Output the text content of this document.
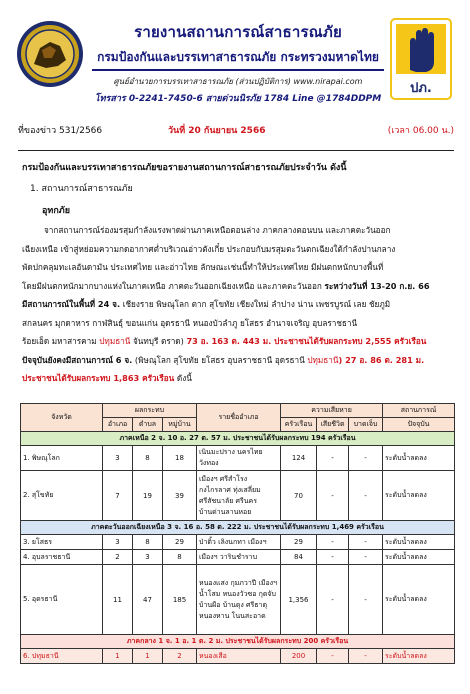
รายงานสถานการณ์สาธารณภัย
กรมป้องกันและบรรเทาสาธารณภัย กระทรวงมหาดไทย
ศูนย์อำนวยการบรรเทาสาธารณภัย (ส่วนปฏิบัติการ) www.nirapai.com
โทรสาร 0-2241-7450-6 สายด่วนนิรภัย 1784 Line @1784DDPM
ปภ.
ที่ของข่าว 531/2566	วันที่ 20 กันยายน 2566	(เวลา 06.00 น.)
กรมป้องกันและบรรเทาสาธารณภัยขอรายงานสถานการณ์สาธารณภัยประจำวัน ดังนี้
1. สถานการณ์สาธารณภัย
อุทกภัย
จากสถานการณ์ร่องมรสุมกำลังแรงพาดผ่านภาคเหนือตอนล่าง ภาคกลางตอนบน และภาคตะวันออก
เฉียงเหนือ เข้าสู่หย่อมความกดอากาศต่ำบริเวณอ่าวตังเกี๋ย ประกอบกับมรสุมตะวันตกเฉียงใต้กำลังปานกลาง
พัดปกคลุมทะเลอันดามัน ประเทศไทย และอ่าวไทย ลักษณะเช่นนี้ทำให้ประเทศไทย มีฝนตกหนักบางพื้นที่
โดยมีฝนตกหนักมากบางแห่งในภาคเหนือ ภาคตะวันออกเฉียงเหนือ และภาคตะวันออก ระหว่างวันที่ 13-20 ก.ย. 66
มีสถานการณ์ในพื้นที่ 24 จ. เชียงราย พิษณุโลก ตาก สุโขทัย เชียงใหม่ ลำปาง น่าน เพชรบูรณ์ เลย ชัยภูมิ
สกลนคร มุกดาหาร กาฬสินธุ์ ขอนแก่น อุดรธานี หนองบัวลำภู ยโสธร อำนาจเจริญ อุบลราชธานี
ร้อยเอ็ด มหาสารคาม ปทุมธานี จันทบุรี ตราด) 73 อ. 163 ต. 443 ม. ประชาชนได้รับผลกระทบ 2,555 ครัวเรือน
ปัจจุบันยังคงมีสถานการณ์ 6 จ. (พิษณุโลก สุโขทัย ยโสธร อุบลราชธานี อุดรธานี ปทุมธานี) 27 อ. 86 ต. 281 ม.
ประชาชนได้รับผลกระทบ 1,863 ครัวเรือน ดังนี้
จังหวัด	ผลกระทบ			รายชื่ออำเภอ	ความเสียหาย			สถานการณ์
	อำเภอ	ตำบล	หมู่บ้าน		ครัวเรือน	เสียชีวิต	บาดเจ็บ	ปัจจุบัน
ภาคเหนือ 2 จ. 10 อ. 27 ต. 57 ม. ประชาชนได้รับผลกระทบ 194 ครัวเรือน								
1. พิษณุโลก	3	8	18	เนินมะปราง นครไทย วังทอง	124	-	-	ระดับน้ำลดลง
2. สุโขทัย	7	19	39	เมืองฯ ศรีสำโรง กงไกรลาศ ทุ่งเสลี่ยม ศรีสัชนาลัย ศรีนคร บ้านด่านลานหอย	70	-	-	ระดับน้ำลดลง
ภาคตะวันออกเฉียงเหนือ 3 จ. 16 อ. 58 ต. 222 ม. ประชาชนได้รับผลกระทบ 1,469 ครัวเรือน								
3. ยโสธร	3	8	29	ป่าติ้ว เลิงนกทา เมืองฯ	29	-	-	ระดับน้ำลดลง
4. อุบลราชธานี	2	3	8	เมืองฯ วารินชำราบ	84	-	-	ระดับน้ำลดลง
5. อุดรธานี	11	47	185	หนองแสง กุมภวาปี เมืองฯ น้ำโสม หนองวัวซอ กุดจับ บ้านผือ บ้านดุง ศรีธาตุ หนองหาน โนนสะอาด	1,356	-	-	ระดับน้ำลดลง
ภาคกลาง 1 จ. 1 อ. 1 ต. 2 ม. ประชาชนได้รับผลกระทบ 200 ครัวเรือน								
6. ปทุมธานี	1	1	2	หนองเสือ	200	-	-	ระดับน้ำลดลง
